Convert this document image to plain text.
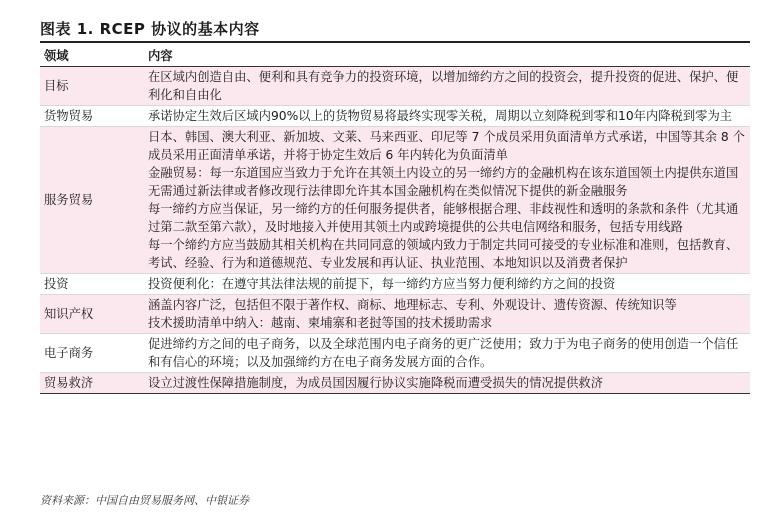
图表 1. RCEP 协议的基本内容
领域	内容
目标	在区域内创造自由、便利和具有竞争力的投资环境，以增加缔约方之间的投资会，提升投资的促进、保护、便利化和自由化

货物贸易	承诺协定生效后区域内90%以上的货物贸易将最终实现零关税，周期以立刻降税到零和10年内降税到零为主

服务贸易	日本、韩国、澳大利亚、新加坡、文莱、马来西亚、印尼等 7 个成员采用负面清单方式承诺，中国等其余 8 个成员采用正面清单承诺，并将于协定生效后 6 年内转化为负面清单
金融贸易：每一东道国应当致力于允许在其领土内设立的另一缔约方的金融机构在该东道国领土内提供东道国无需通过新法律或者修改现行法律即允许其本国金融机构在类似情况下提供的新金融服务
每一缔约方应当保证，另一缔约方的任何服务提供者，能够根据合理、非歧视性和透明的条款和条件（尤其通过第二款至第六款），及时地接入并使用其领土内或跨境提供的公共电信网络和服务，包括专用线路
每一个缔约方应当鼓励其相关机构在共同同意的领域内致力于制定共同可接受的专业标准和准则，包括教育、考试、经验、行为和道德规范、专业发展和再认证、执业范围、本地知识以及消费者保护

投资	投资便利化：在遵守其法律法规的前提下，每一缔约方应当努力便利缔约方之间的投资

知识产权	涵盖内容广泛，包括但不限于著作权、商标、地理标志、专利、外观设计、遗传资源、传统知识等
技术援助清单中纳入：越南、柬埔寨和老挝等国的技术援助需求

电子商务	促进缔约方之间的电子商务，以及全球范围内电子商务的更广泛使用；致力于为电子商务的使用创造一个信任和有信心的环境；以及加强缔约方在电子商务发展方面的合作。

贸易救济	设立过渡性保障措施制度，为成员国因履行协议实施降税而遭受损失的情况提供救济
资料来源：中国自由贸易服务网、中银证券
